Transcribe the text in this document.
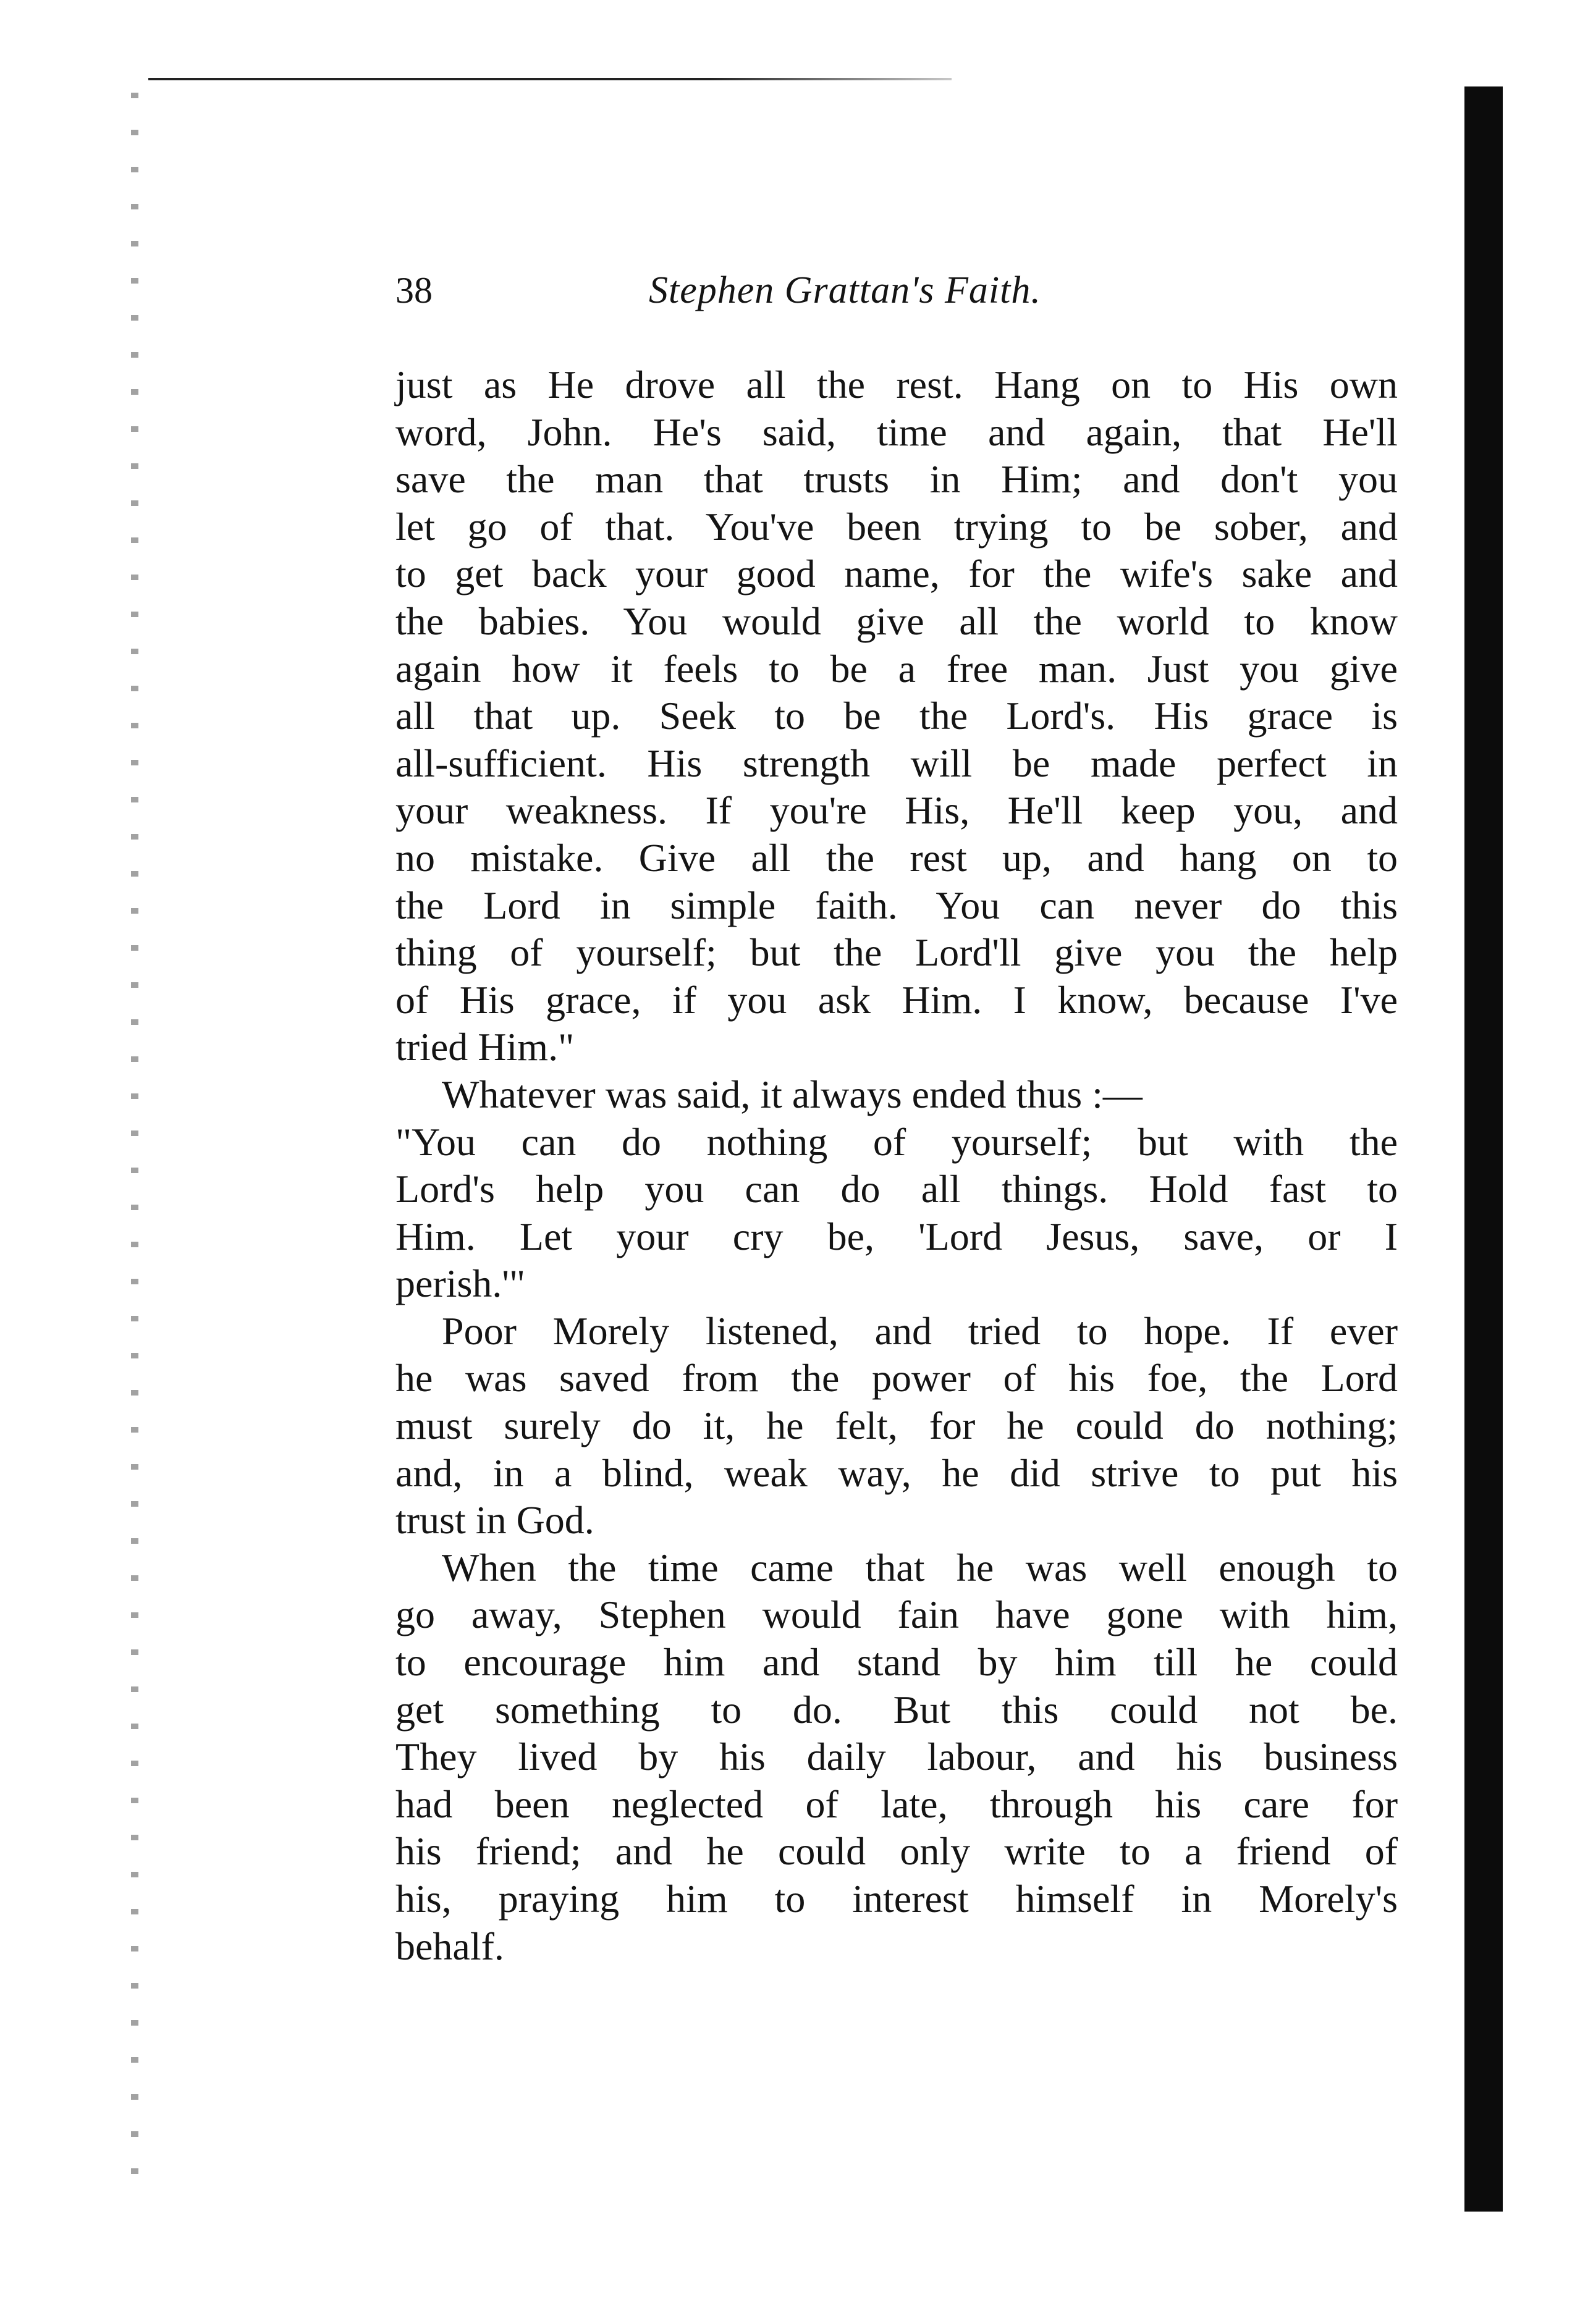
38	Stephen Grattan's Faith.
just as He drove all the rest. Hang on to His own
word, John. He's said, time and again, that He'll
save the man that trusts in Him; and don't you
let go of that. You've been trying to be sober, and
to get back your good name, for the wife's sake and
the babies. You would give all the world to know
again how it feels to be a free man. Just you give
all that up. Seek to be the Lord's. His grace is
all-sufficient. His strength will be made perfect in
your weakness. If you're His, He'll keep you, and
no mistake. Give all the rest up, and hang on to
the Lord in simple faith. You can never do this
thing of yourself; but the Lord'll give you the help
of His grace, if you ask Him. I know, because I've
tried Him."
Whatever was said, it always ended thus :—
"You can do nothing of yourself; but with the
Lord's help you can do all things. Hold fast to
Him. Let your cry be, 'Lord Jesus, save, or I
perish.'"
Poor Morely listened, and tried to hope. If ever
he was saved from the power of his foe, the Lord
must surely do it, he felt, for he could do nothing;
and, in a blind, weak way, he did strive to put his
trust in God.
When the time came that he was well enough to
go away, Stephen would fain have gone with him,
to encourage him and stand by him till he could
get something to do. But this could not be.
They lived by his daily labour, and his business
had been neglected of late, through his care for
his friend; and he could only write to a friend of
his, praying him to interest himself in Morely's
behalf.
